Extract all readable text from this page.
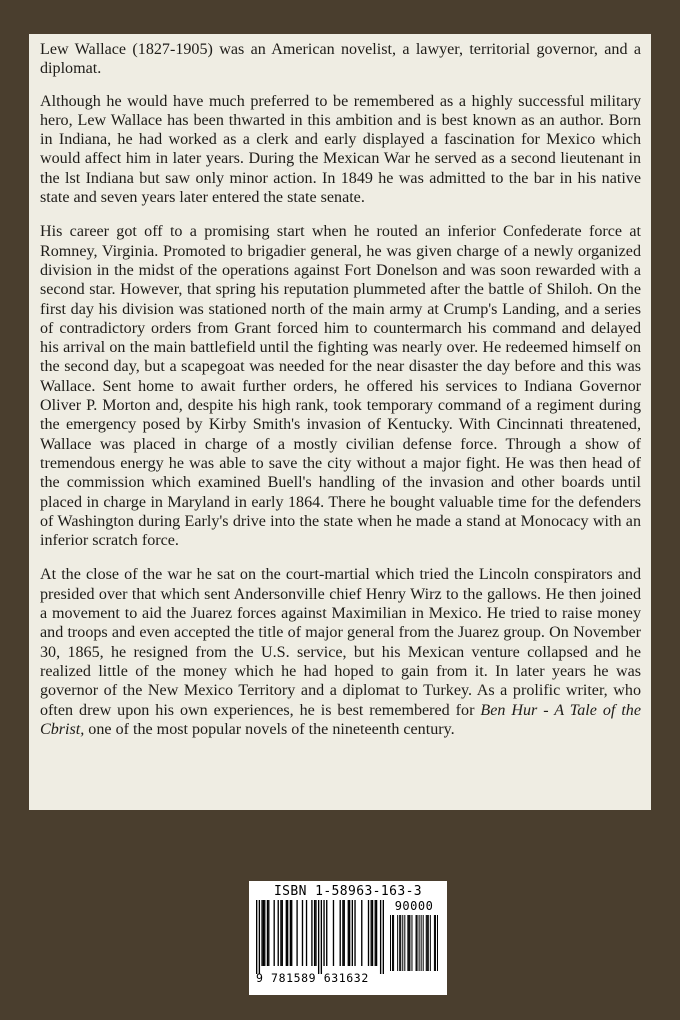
Lew Wallace (1827-1905) was an American novelist, a lawyer, territorial governor, and a diplomat.

Although he would have much preferred to be remembered as a highly successful military hero, Lew Wallace has been thwarted in this ambition and is best known as an author. Born in Indiana, he had worked as a clerk and early displayed a fascination for Mexico which would affect him in later years. During the Mexican War he served as a second lieutenant in the lst Indiana but saw only minor action. In 1849 he was admitted to the bar in his native state and seven years later entered the state senate.

His career got off to a promising start when he routed an inferior Confederate force at Romney, Virginia. Promoted to brigadier general, he was given charge of a newly organized division in the midst of the operations against Fort Donelson and was soon rewarded with a second star. However, that spring his reputation plummeted after the battle of Shiloh. On the first day his division was stationed north of the main army at Crump's Landing, and a series of contradictory orders from Grant forced him to countermarch his command and delayed his arrival on the main battlefield until the fighting was nearly over. He redeemed himself on the second day, but a scapegoat was needed for the near disaster the day before and this was Wallace. Sent home to await further orders, he offered his services to Indiana Governor Oliver P. Morton and, despite his high rank, took temporary command of a regiment during the emergency posed by Kirby Smith's invasion of Kentucky. With Cincinnati threatened, Wallace was placed in charge of a mostly civilian defense force. Through a show of tremendous energy he was able to save the city without a major fight. He was then head of the commission which examined Buell's handling of the invasion and other boards until placed in charge in Maryland in early 1864. There he bought valuable time for the defenders of Washington during Early's drive into the state when he made a stand at Monocacy with an inferior scratch force.

At the close of the war he sat on the court-martial which tried the Lincoln conspirators and presided over that which sent Andersonville chief Henry Wirz to the gallows. He then joined a movement to aid the Juarez forces against Maximilian in Mexico. He tried to raise money and troops and even accepted the title of major general from the Juarez group. On November 30, 1865, he resigned from the U.S. service, but his Mexican venture collapsed and he realized little of the money which he had hoped to gain from it. In later years he was governor of the New Mexico Territory and a diplomat to Turkey. As a prolific writer, who often drew upon his own experiences, he is best remembered for Ben Hur - A Tale of the Cbrist, one of the most popular novels of the nineteenth century.

ISBN 1-58963-163-3
90000
9 781589 631632
